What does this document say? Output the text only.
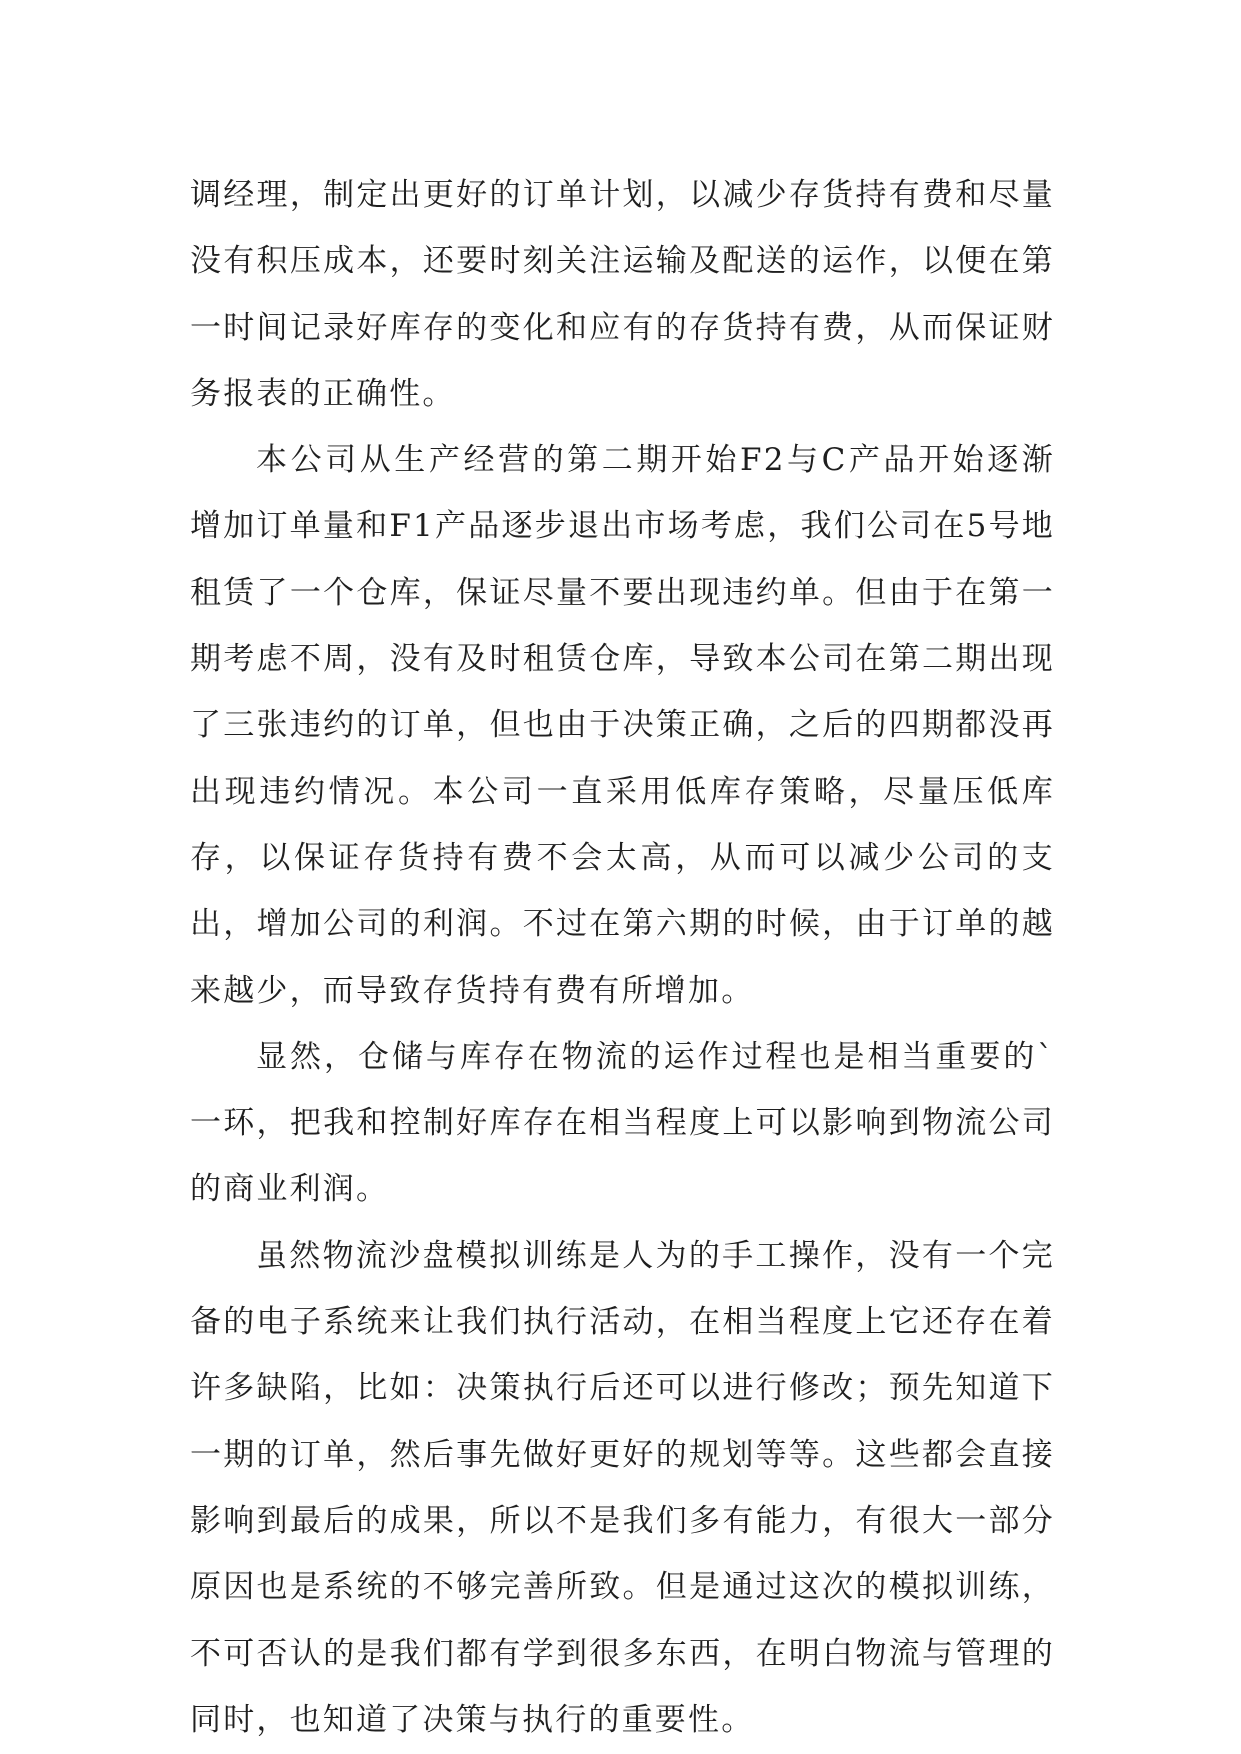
调经理，制定出更好的订单计划，以减少存货持有费和尽量没有积压成本，还要时刻关注运输及配送的运作，以便在第一时间记录好库存的变化和应有的存货持有费，从而保证财务报表的正确性。

本公司从生产经营的第二期开始F2与C产品开始逐渐增加订单量和F1产品逐步退出市场考虑，我们公司在5号地租赁了一个仓库，保证尽量不要出现违约单。但由于在第一期考虑不周，没有及时租赁仓库，导致本公司在第二期出现了三张违约的订单，但也由于决策正确，之后的四期都没再出现违约情况。本公司一直采用低库存策略，尽量压低库存，以保证存货持有费不会太高，从而可以减少公司的支出，增加公司的利润。不过在第六期的时候，由于订单的越来越少，而导致存货持有费有所增加。

显然，仓储与库存在物流的运作过程也是相当重要的`一环，把我和控制好库存在相当程度上可以影响到物流公司的商业利润。

虽然物流沙盘模拟训练是人为的手工操作，没有一个完备的电子系统来让我们执行活动，在相当程度上它还存在着许多缺陷，比如：决策执行后还可以进行修改；预先知道下一期的订单，然后事先做好更好的规划等等。这些都会直接影响到最后的成果，所以不是我们多有能力，有很大一部分原因也是系统的不够完善所致。但是通过这次的模拟训练，不可否认的是我们都有学到很多东西，在明白物流与管理的同时，也知道了决策与执行的重要性。
